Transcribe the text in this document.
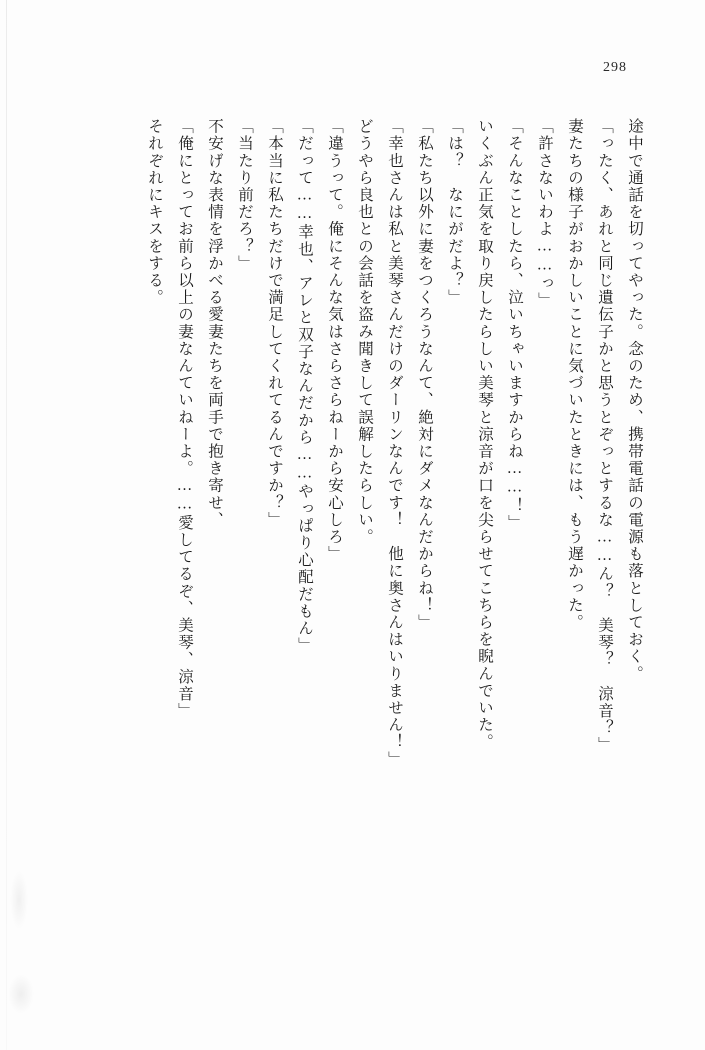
298
途中で通話を切ってやった。念のため、携帯電話の電源も落としておく。
「ったく、あれと同じ遺伝子かと思うとぞっとするな……ん？　美琴？　涼音？」
妻たちの様子がおかしいことに気づいたときには、もう遅かった。
「許さないわよ……っ」
「そんなことしたら、泣いちゃいますからね……！」
いくぶん正気を取り戻したらしい美琴と涼音が口を尖らせてこちらを睨んでいた。
「は？　なにがだよ？」
「私たち以外に妻をつくろうなんて、絶対にダメなんだからね！」
「幸也さんは私と美琴さんだけのダーリンなんです！　他に奥さんはいりません！」
どうやら良也との会話を盗み聞きして誤解したらしい。
「違うって。俺にそんな気はさらさらねーから安心しろ」
「だって……幸也、アレと双子なんだから……やっぱり心配だもん」
「本当に私たちだけで満足してくれてるんですか？」
「当たり前だろ？」
不安げな表情を浮かべる愛妻たちを両手で抱き寄せ、
「俺にとってお前ら以上の妻なんていねーよ。……愛してるぞ、美琴、涼音」
それぞれにキスをする。
